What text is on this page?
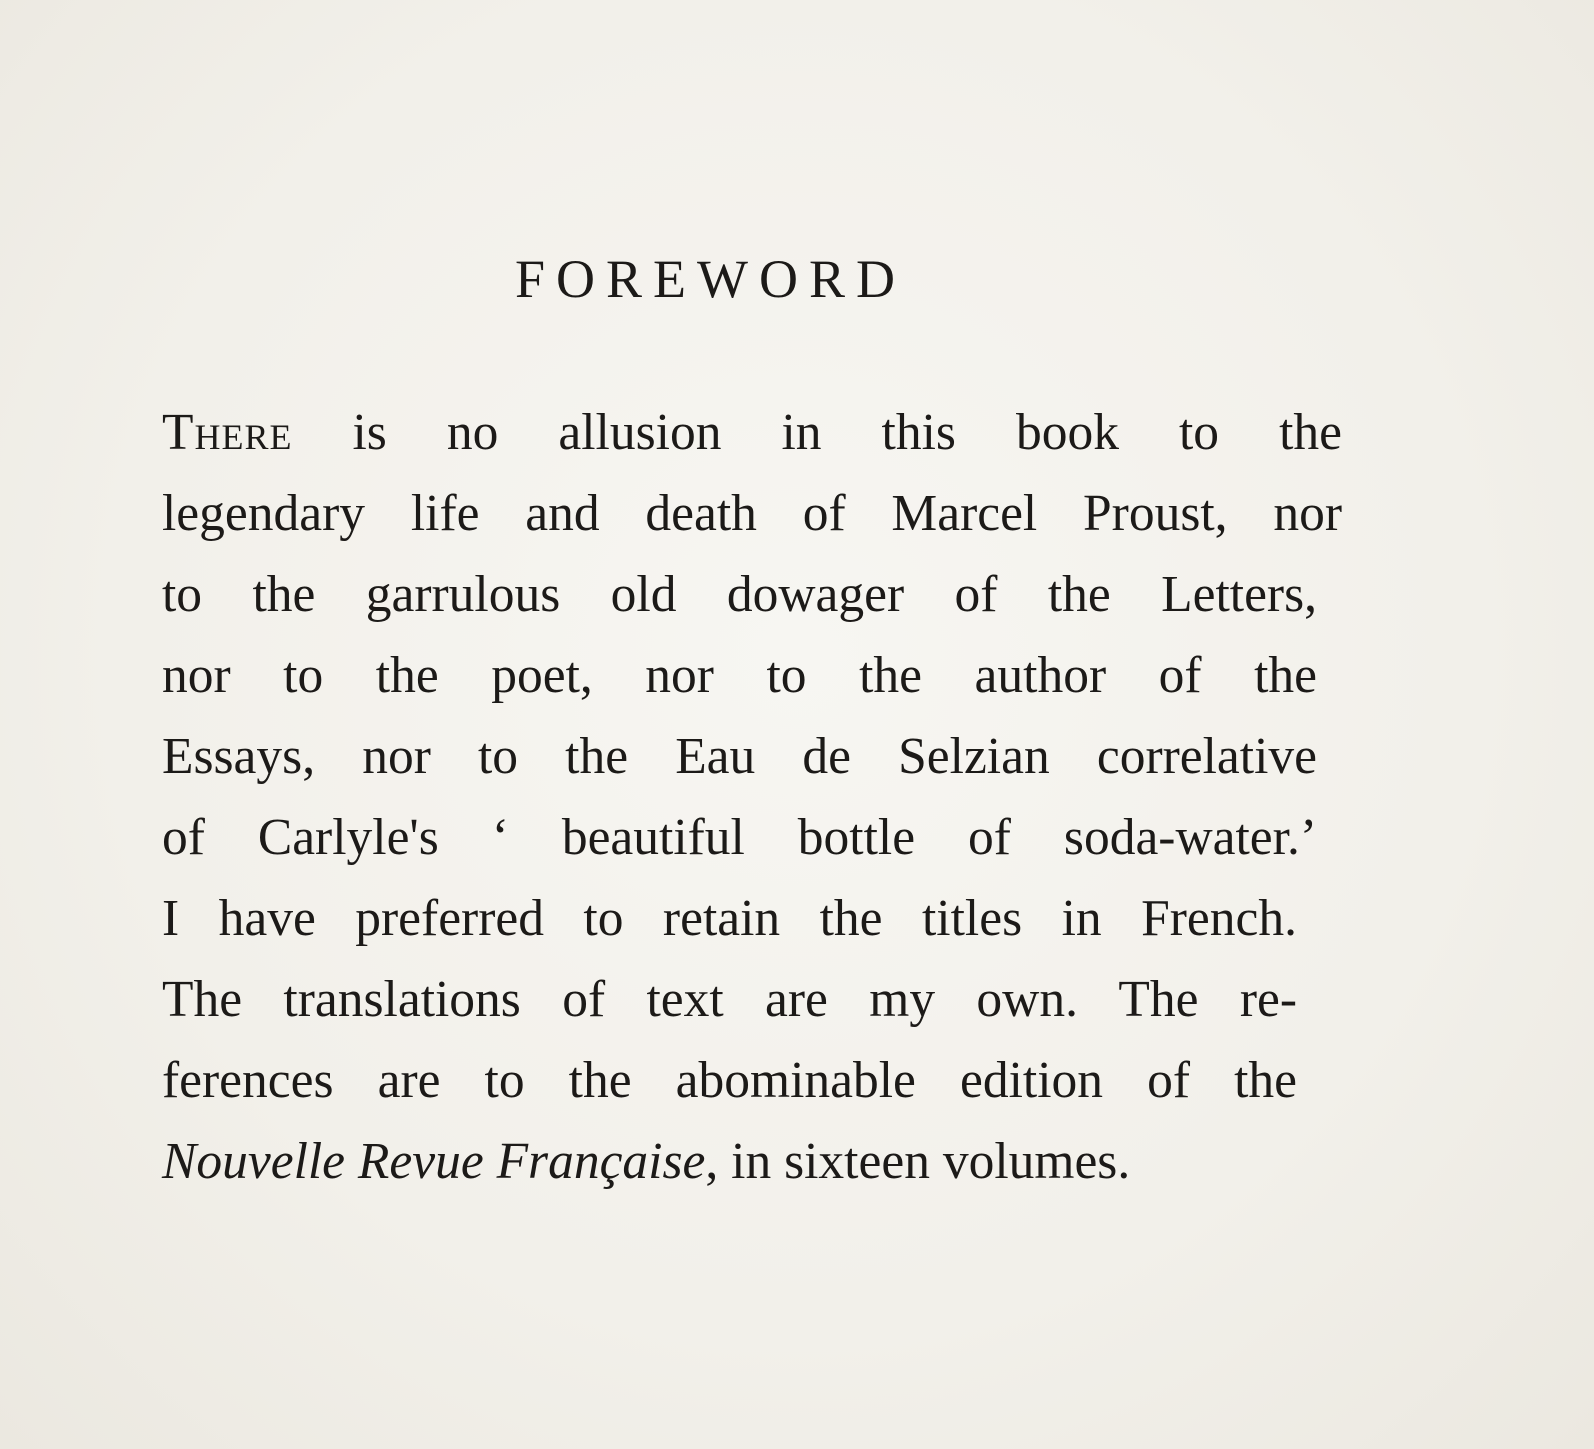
FOREWORD
There is no allusion in this book to the
legendary life and death of Marcel Proust, nor
to the garrulous old dowager of the Letters,
nor to the poet, nor to the author of the
Essays, nor to the Eau de Selzian correlative
of Carlyle's ‘ beautiful bottle of soda-water.’
I have preferred to retain the titles in French.
The translations of text are my own. The re-
ferences are to the abominable edition of the
Nouvelle Revue Française, in sixteen volumes.
